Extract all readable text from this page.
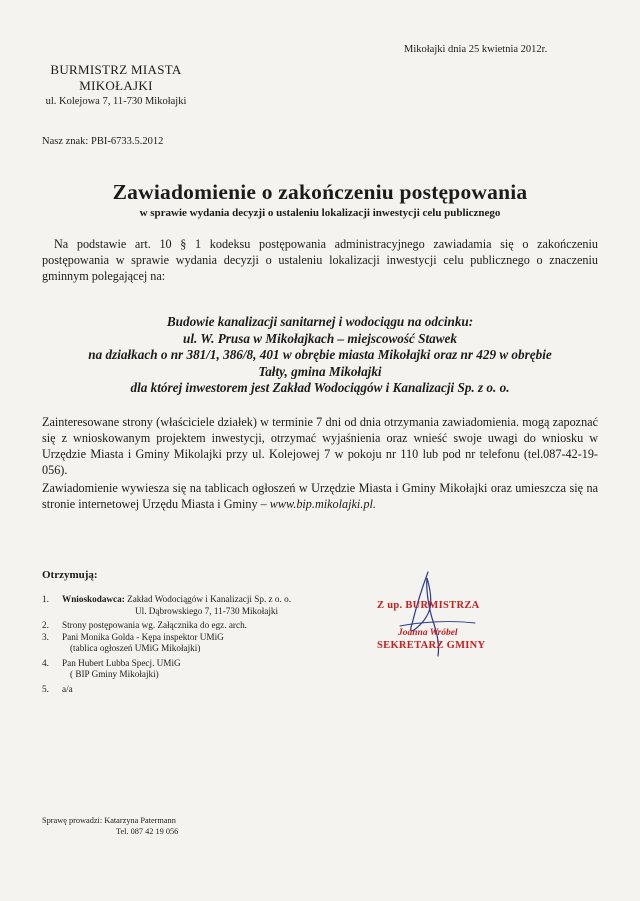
Mikołajki dnia 25 kwietnia 2012r.
BURMISTRZ MIASTA
MIKOŁAJKI
ul. Kolejowa 7, 11-730 Mikołajki
Nasz znak: PBI-6733.5.2012
Zawiadomienie o zakończeniu postępowania
w sprawie wydania decyzji o ustaleniu lokalizacji inwestycji celu publicznego
Na podstawie art. 10 § 1 kodeksu postępowania administracyjnego zawiadamia się o zakończeniu postępowania w sprawie wydania decyzji o ustaleniu lokalizacji inwestycji celu publicznego o znaczeniu gminnym polegającej na:
Budowie kanalizacji sanitarnej i wodociągu na odcinku:
ul. W. Prusa w Mikołajkach – miejscowość Stawek
na działkach o nr 381/1, 386/8, 401 w obrębie miasta Mikołajki oraz nr 429 w obrębie
Tałty, gmina Mikołajki
dla której inwestorem jest Zakład Wodociągów i Kanalizacji Sp. z o. o.
Zainteresowane strony (właściciele działek) w terminie 7 dni od dnia otrzymania zawiadomienia. mogą zapoznać się z wnioskowanym projektem inwestycji, otrzymać wyjaśnienia oraz wnieść swoje uwagi do wniosku w Urzędzie Miasta i Gminy Mikolajki przy ul. Kolejowej 7 w pokoju nr 110 lub pod nr telefonu (tel.087-42-19-056).
Zawiadomienie wywiesza się na tablicach ogłoszeń w Urzędzie Miasta i Gminy Mikołajki oraz umieszcza się na stronie internetowej Urzędu Miasta i Gminy – www.bip.mikolajki.pl.
Otrzymują:
1.	Wnioskodawca: Zakład Wodociągów i Kanalizacji Sp. z o. o.
Ul. Dąbrowskiego 7, 11-730 Mikołajki
2.	Strony postępowania wg. Załącznika do egz. arch.
3.	Pani Monika Golda - Kępa inspektor UMiG
(tablica ogłoszeń UMiG Mikołajki)
4.	Pan Hubert Lubba Specj. UMiG
( BIP Gminy Mikołajki)
5.	a/a
Z up. BURMISTRZA
Joanna Wróbel
SEKRETARZ GMINY
Sprawę prowadzi: Katarzyna Patermann
Tel. 087 42 19 056
